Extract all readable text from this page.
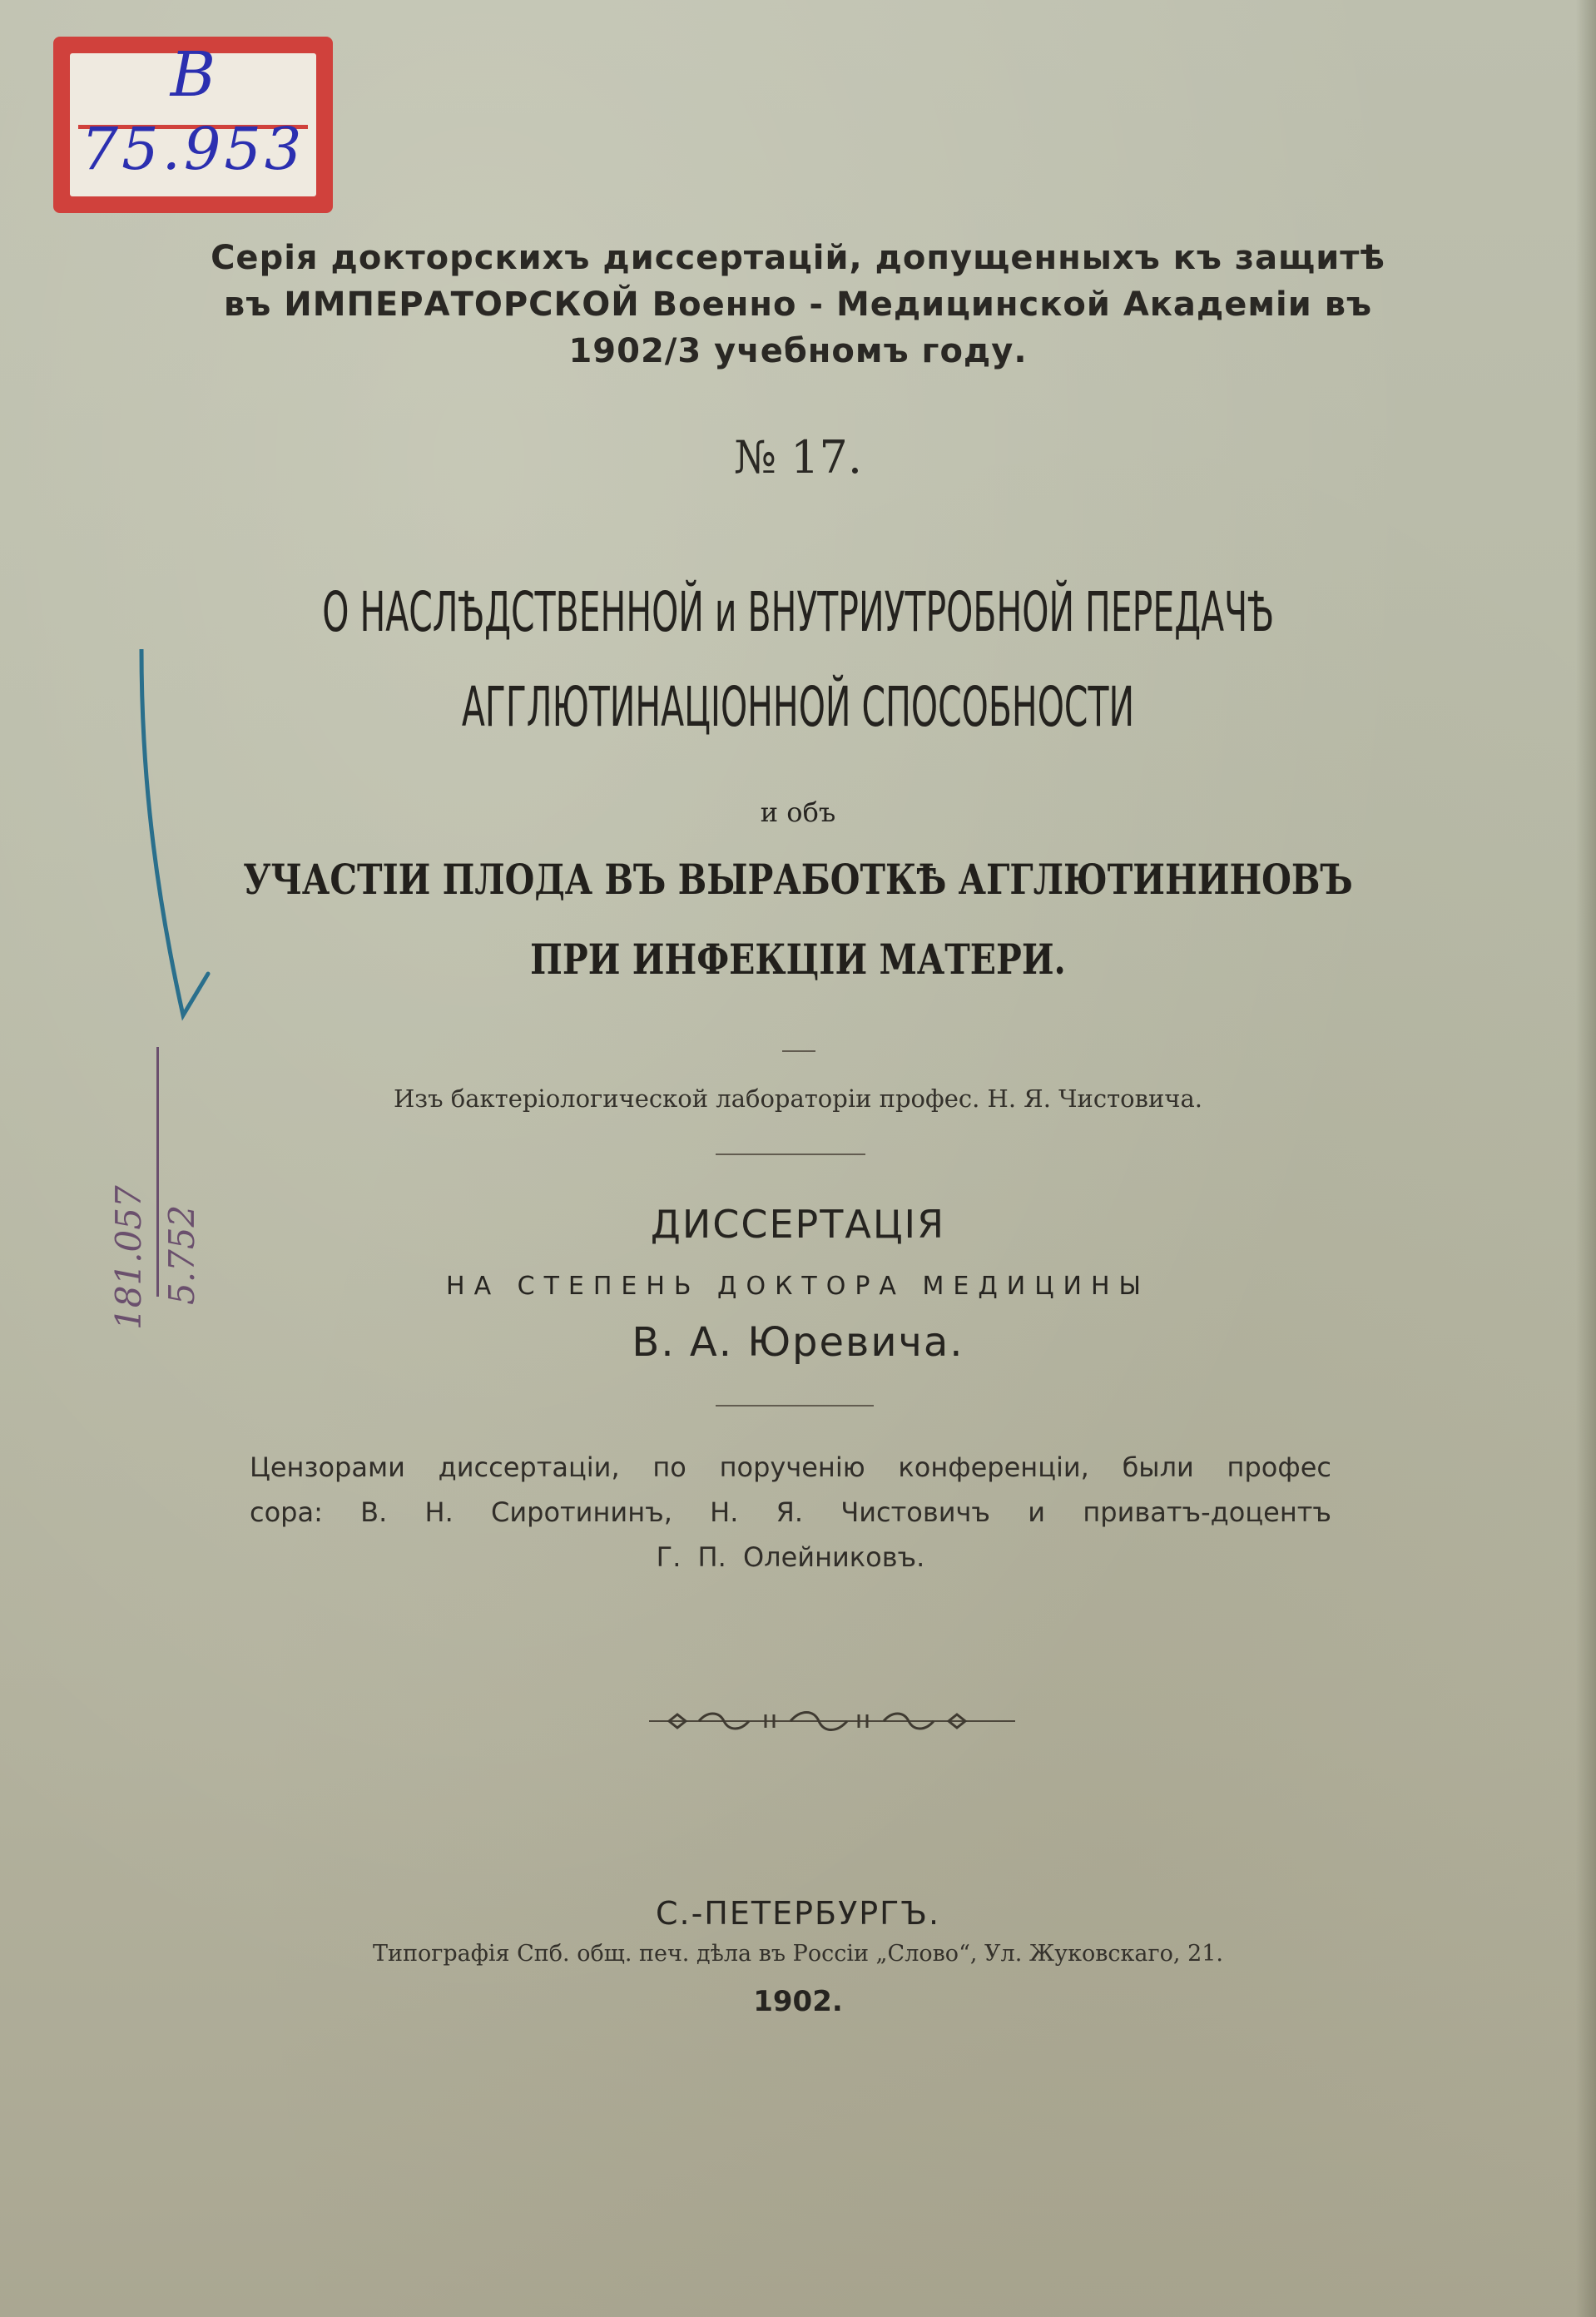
B
75.953
181.057 5.752
Серія докторскихъ диссертацій, допущенныхъ къ защитѣ
въ ИМПЕРАТОРСКОЙ Военно - Медицинской Академіи въ
1902/3 учебномъ году.
№ 17.
О НАСЛѢДСТВЕННОЙ и ВНУТРИУТРОБНОЙ ПЕРЕДАЧѢ
АГГЛЮТИНАЦІОННОЙ СПОСОБНОСТИ
и объ
УЧАСТІИ ПЛОДА ВЪ ВЫРАБОТКѢ АГГЛЮТИНИНОВЪ
ПРИ ИНФЕКЦІИ МАТЕРИ.
Изъ бактеріологической лабораторіи профес. Н. Я. Чистовича.
ДИССЕРТАЦІЯ
НА СТЕПЕНЬ ДОКТОРА МЕДИЦИНЫ
В. А. Юревича.
Цензорами диссертаціи, по порученію конференціи, были профес
сора: В. Н. Сиротининъ, Н. Я. Чистовичъ и приватъ-доцентъ
Г. П. Олейниковъ.
С.-ПЕТЕРБУРГЪ.
Типографія Спб. общ. печ. дѣла въ Россіи „Слово“, Ул. Жуковскаго, 21.
1902.
